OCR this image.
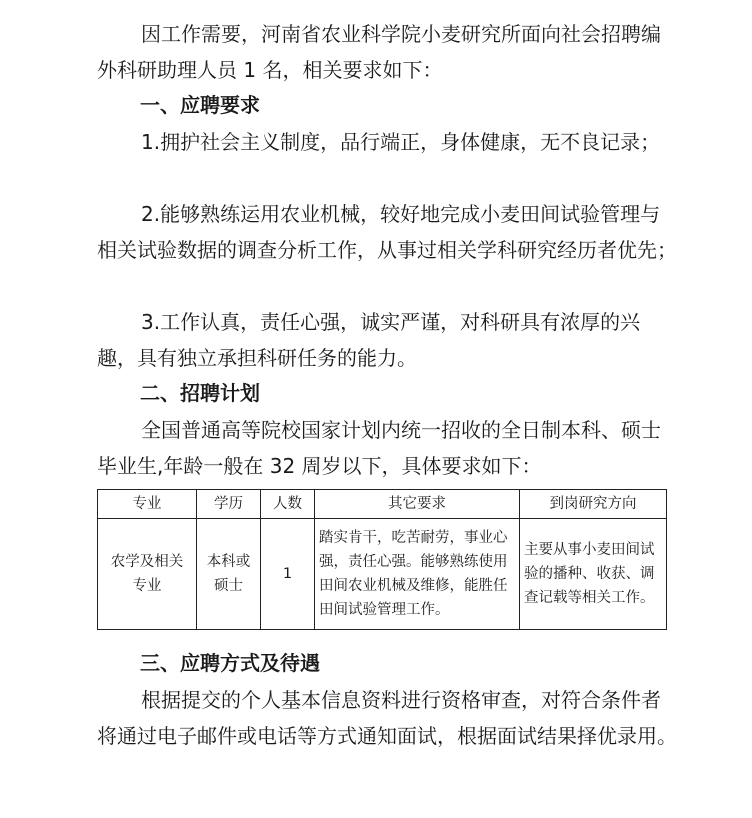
因工作需要，河南省农业科学院小麦研究所面向社会招聘编外科研助理人员 1 名，相关要求如下：

一、应聘要求

1.拥护社会主义制度，品行端正，身体健康，无不良记录；

2.能够熟练运用农业机械，较好地完成小麦田间试验管理与相关试验数据的调查分析工作，从事过相关学科研究经历者优先；

3.工作认真，责任心强，诚实严谨，对科研具有浓厚的兴趣，具有独立承担科研任务的能力。

二、招聘计划

全国普通高等院校国家计划内统一招收的全日制本科、硕士毕业生,年龄一般在 32 周岁以下，具体要求如下：

专业	学历	人数	其它要求	到岗研究方向
农学及相关专业	本科或硕士	1	踏实肯干，吃苦耐劳，事业心强，责任心强。能够熟练使用田间农业机械及维修，能胜任田间试验管理工作。	主要从事小麦田间试验的播种、收获、调查记载等相关工作。
三、应聘方式及待遇

根据提交的个人基本信息资料进行资格审查，对符合条件者将通过电子邮件或电话等方式通知面试，根据面试结果择优录用。
